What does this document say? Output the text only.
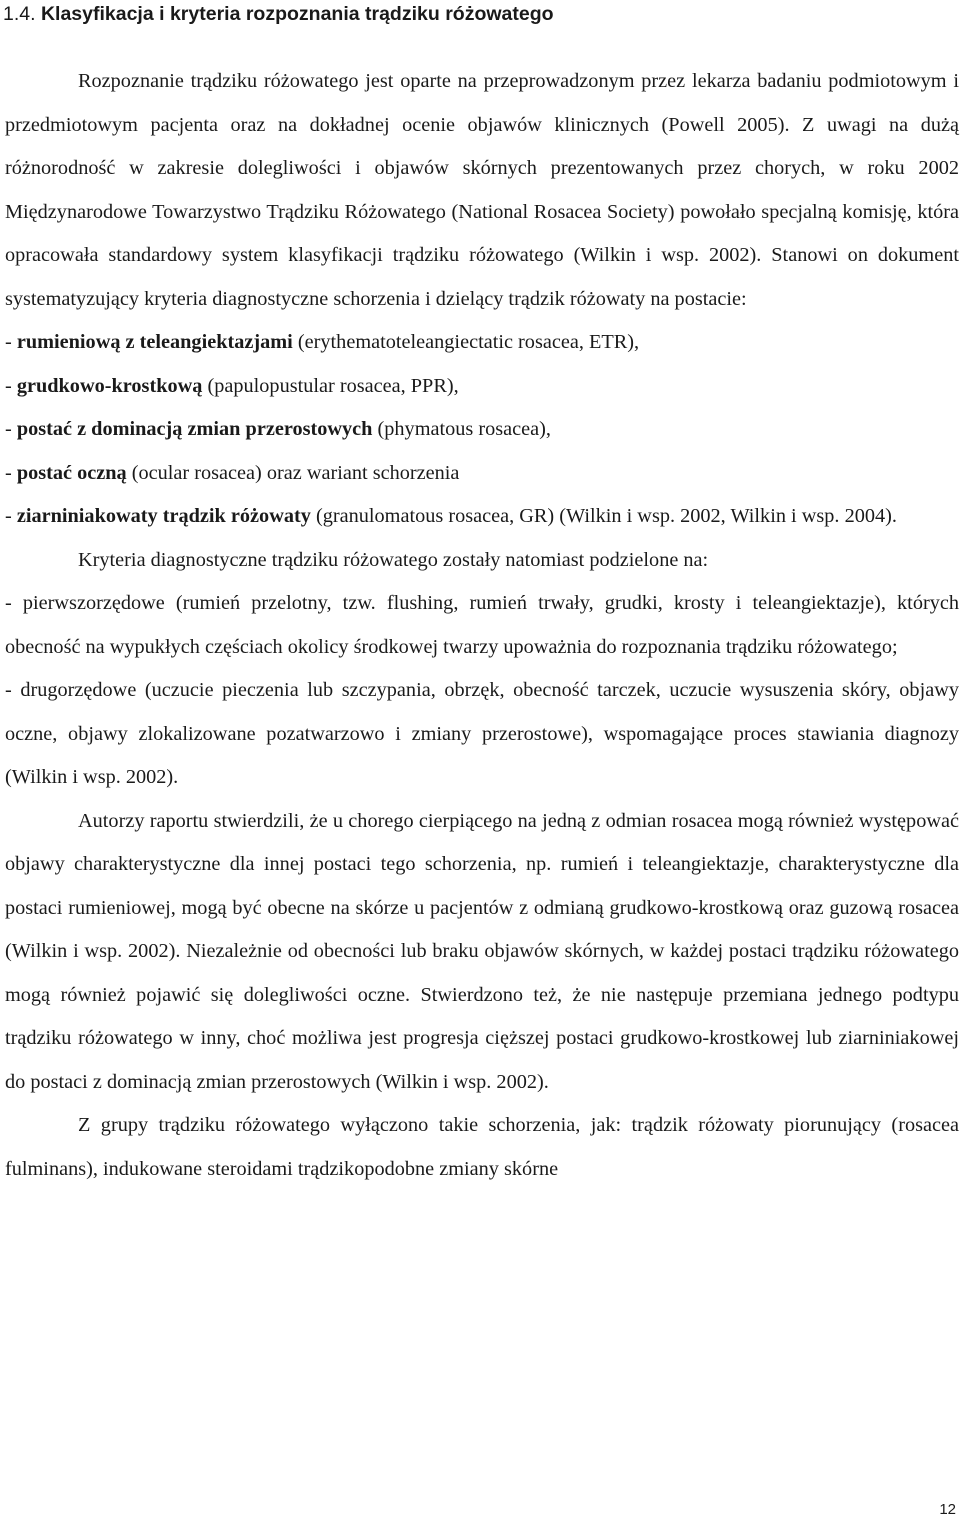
1.4. Klasyfikacja i kryteria rozpoznania trądziku różowatego

Rozpoznanie trądziku różowatego jest oparte na przeprowadzonym przez lekarza badaniu podmiotowym i przedmiotowym pacjenta oraz na dokładnej ocenie objawów klinicznych (Powell 2005). Z uwagi na dużą różnorodność w zakresie dolegliwości i objawów skórnych prezentowanych przez chorych, w roku 2002 Międzynarodowe Towarzystwo Trądziku Różowatego (National Rosacea Society) powołało specjalną komisję, która opracowała standardowy system klasyfikacji trądziku różowatego (Wilkin i wsp. 2002). Stanowi on dokument systematyzujący kryteria diagnostyczne schorzenia i dzielący trądzik różowaty na postacie:

- rumieniową z teleangiektazjami (erythematoteleangiectatic rosacea, ETR),

- grudkowo-krostkową (papulopustular rosacea, PPR),

- postać z dominacją zmian przerostowych (phymatous rosacea),

- postać oczną (ocular rosacea) oraz wariant schorzenia

- ziarniniakowaty trądzik różowaty (granulomatous rosacea, GR) (Wilkin i wsp. 2002, Wilkin i wsp. 2004).

Kryteria diagnostyczne trądziku różowatego zostały natomiast podzielone na:

- pierwszorzędowe (rumień przelotny, tzw. flushing, rumień trwały, grudki, krosty i teleangiektazje), których obecność na wypukłych częściach okolicy środkowej twarzy upoważnia do rozpoznania trądziku różowatego;

- drugorzędowe (uczucie pieczenia lub szczypania, obrzęk, obecność tarczek, uczucie wysuszenia skóry, objawy oczne, objawy zlokalizowane pozatwarzowo i zmiany przerostowe), wspomagające proces stawiania diagnozy (Wilkin i wsp. 2002).

Autorzy raportu stwierdzili, że u chorego cierpiącego na jedną z odmian rosacea mogą również występować objawy charakterystyczne dla innej postaci tego schorzenia, np. rumień i teleangiektazje, charakterystyczne dla postaci rumieniowej, mogą być obecne na skórze u pacjentów z odmianą grudkowo-krostkową oraz guzową rosacea (Wilkin i wsp. 2002). Niezależnie od obecności lub braku objawów skórnych, w każdej postaci trądziku różowatego mogą również pojawić się dolegliwości oczne. Stwierdzono też, że nie następuje przemiana jednego podtypu trądziku różowatego w inny, choć możliwa jest progresja cięższej postaci grudkowo-krostkowej lub ziarniniakowej do postaci z dominacją zmian przerostowych (Wilkin i wsp. 2002).

Z grupy trądziku różowatego wyłączono takie schorzenia, jak: trądzik różowaty piorunujący (rosacea fulminans), indukowane steroidami trądzikopodobne zmiany skórne

12
